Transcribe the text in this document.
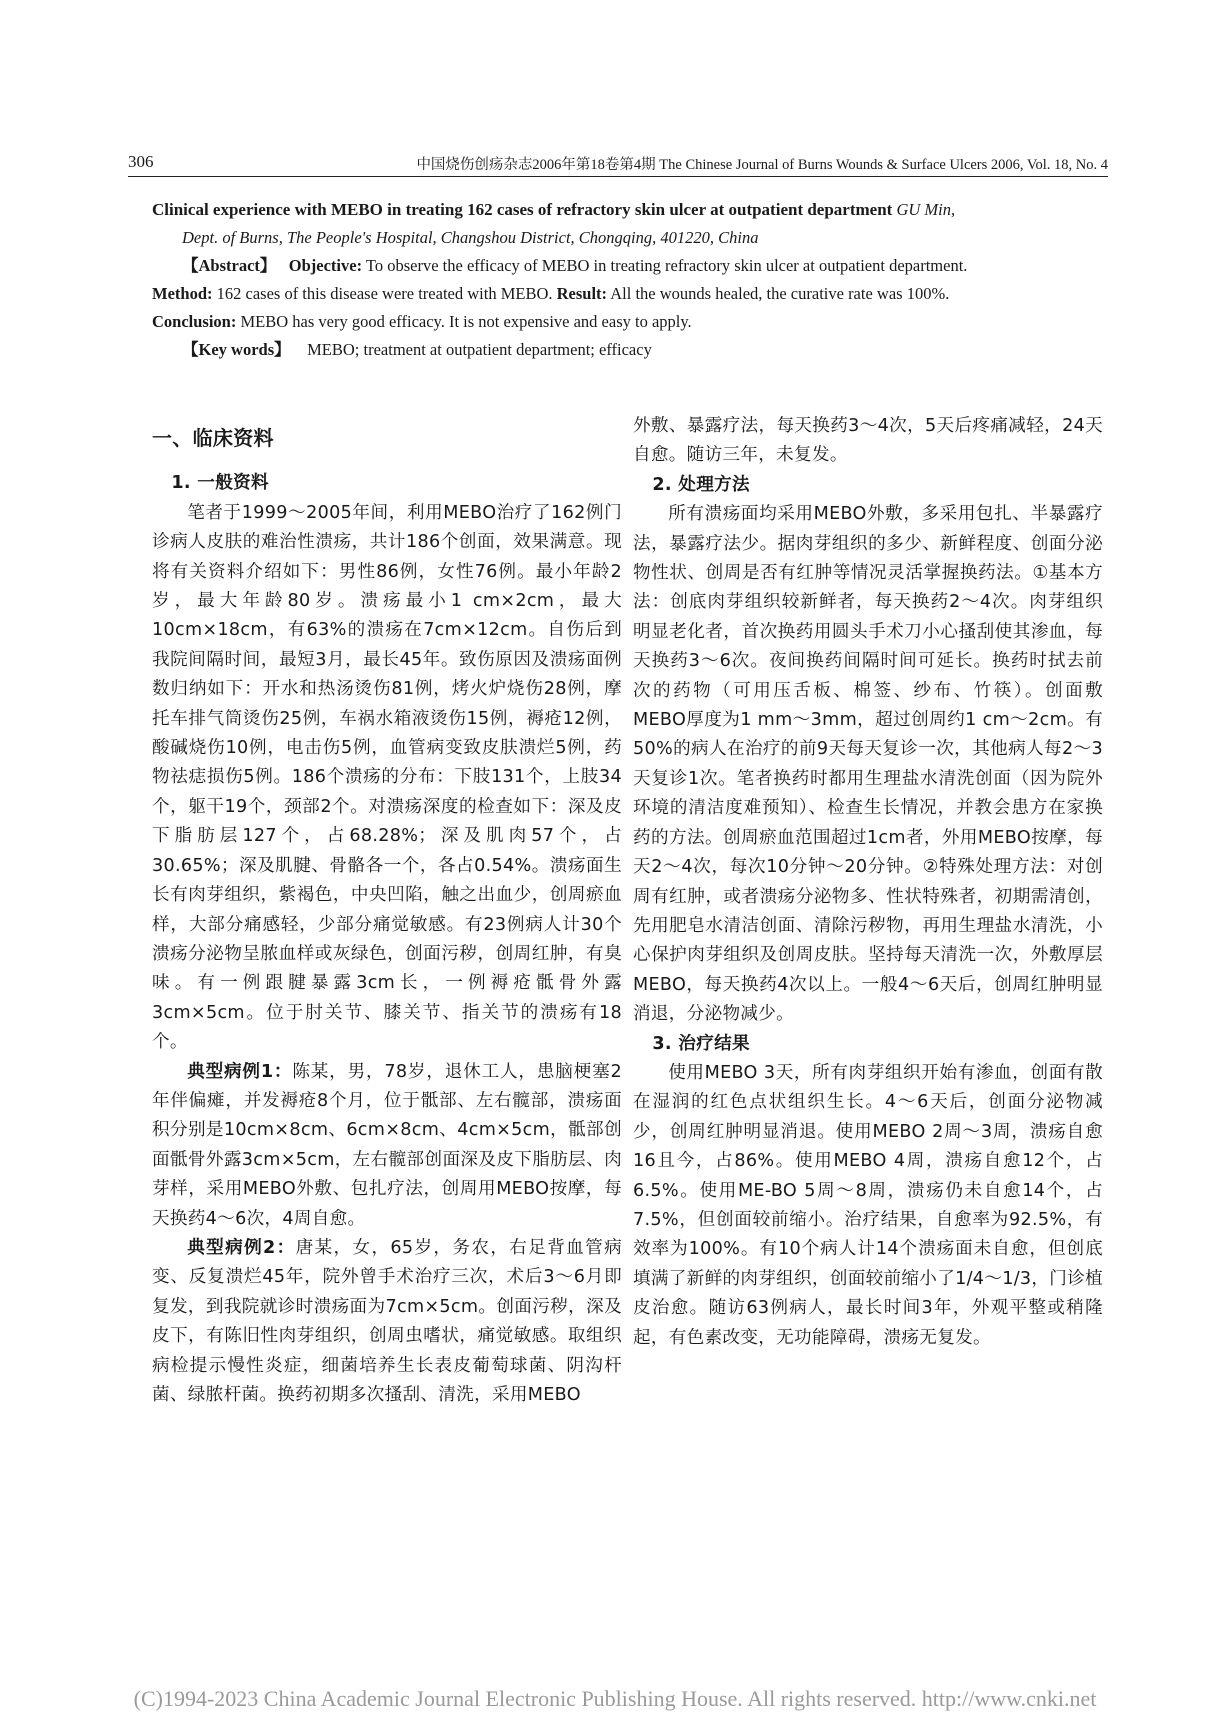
306	中国烧伤创疡杂志2006年第18卷第4期 The Chinese Journal of Burns Wounds & Surface Ulcers 2006, Vol. 18, No. 4

Clinical experience with MEBO in treating 162 cases of refractory skin ulcer at outpatient department GU Min,

Dept. of Burns, The People's Hospital, Changshou District, Chongqing, 401220, China

【Abstract】 Objective: To observe the efficacy of MEBO in treating refractory skin ulcer at outpatient department.

Method: 162 cases of this disease were treated with MEBO. Result: All the wounds healed, the curative rate was 100%.

Conclusion: MEBO has very good efficacy. It is not expensive and easy to apply.

【Key words】 MEBO; treatment at outpatient department; efficacy

一、临床资料

1. 一般资料

笔者于1999～2005年间，利用MEBO治疗了162例门诊病人皮肤的难治性溃疡，共计186个创面，效果满意。现将有关资料介绍如下：男性86例，女性76例。最小年龄2岁，最大年龄80岁。溃疡最小1 cm×2cm，最大10cm×18cm，有63%的溃疡在7cm×12cm。自伤后到我院间隔时间，最短3月，最长45年。致伤原因及溃疡面例数归纳如下：开水和热汤烫伤81例，烤火炉烧伤28例，摩托车排气筒烫伤25例，车祸水箱液烫伤15例，褥疮12例，酸碱烧伤10例，电击伤5例，血管病变致皮肤溃烂5例，药物祛痣损伤5例。186个溃疡的分布：下肢131个，上肢34个，躯干19个，颈部2个。对溃疡深度的检查如下：深及皮下脂肪层127个，占68.28%；深及肌肉57个，占30.65%；深及肌腱、骨骼各一个，各占0.54%。溃疡面生长有肉芽组织，紫褐色，中央凹陷，触之出血少，创周瘀血样，大部分痛感轻，少部分痛觉敏感。有23例病人计30个溃疡分泌物呈脓血样或灰绿色，创面污秽，创周红肿，有臭味。有一例跟腱暴露3cm长，一例褥疮骶骨外露3cm×5cm。位于肘关节、膝关节、指关节的溃疡有18个。

典型病例1：陈某，男，78岁，退休工人，患脑梗塞2年伴偏瘫，并发褥疮8个月，位于骶部、左右髋部，溃疡面积分别是10cm×8cm、6cm×8cm、4cm×5cm，骶部创面骶骨外露3cm×5cm，左右髋部创面深及皮下脂肪层、肉芽样，采用MEBO外敷、包扎疗法，创周用MEBO按摩，每天换药4～6次，4周自愈。

典型病例2：唐某，女，65岁，务农，右足背血管病变、反复溃烂45年，院外曾手术治疗三次，术后3～6月即复发，到我院就诊时溃疡面为7cm×5cm。创面污秽，深及皮下，有陈旧性肉芽组织，创周虫嗜状，痛觉敏感。取组织病检提示慢性炎症，细菌培养生长表皮葡萄球菌、阴沟杆菌、绿脓杆菌。换药初期多次搔刮、清洗，采用MEBO

外敷、暴露疗法，每天换药3～4次，5天后疼痛减轻，24天自愈。随访三年，未复发。

2. 处理方法

所有溃疡面均采用MEBO外敷，多采用包扎、半暴露疗法，暴露疗法少。据肉芽组织的多少、新鲜程度、创面分泌物性状、创周是否有红肿等情况灵活掌握换药法。①基本方法：创底肉芽组织较新鲜者，每天换药2～4次。肉芽组织明显老化者，首次换药用圆头手术刀小心搔刮使其渗血，每天换药3～6次。夜间换药间隔时间可延长。换药时拭去前次的药物（可用压舌板、棉签、纱布、竹筷）。创面敷MEBO厚度为1 mm～3mm，超过创周约1 cm～2cm。有50%的病人在治疗的前9天每天复诊一次，其他病人每2～3天复诊1次。笔者换药时都用生理盐水清洗创面（因为院外环境的清洁度难预知）、检查生长情况，并教会患方在家换药的方法。创周瘀血范围超过1cm者，外用MEBO按摩，每天2～4次，每次10分钟～20分钟。②特殊处理方法：对创周有红肿，或者溃疡分泌物多、性状特殊者，初期需清创，先用肥皂水清洁创面、清除污秽物，再用生理盐水清洗，小心保护肉芽组织及创周皮肤。坚持每天清洗一次，外敷厚层MEBO，每天换药4次以上。一般4～6天后，创周红肿明显消退，分泌物减少。

3. 治疗结果

使用MEBO 3天，所有肉芽组织开始有渗血，创面有散在湿润的红色点状组织生长。4～6天后，创面分泌物减少，创周红肿明显消退。使用MEBO 2周～3周，溃疡自愈16且今，占86%。使用MEBO 4周，溃疡自愈12个，占6.5%。使用ME-BO 5周～8周，溃疡仍未自愈14个，占7.5%，但创面较前缩小。治疗结果，自愈率为92.5%，有效率为100%。有10个病人计14个溃疡面未自愈，但创底填满了新鲜的肉芽组织，创面较前缩小了1/4～1/3，门诊植皮治愈。随访63例病人，最长时间3年，外观平整或稍隆起，有色素改变，无功能障碍，溃疡无复发。

(C)1994-2023 China Academic Journal Electronic Publishing House. All rights reserved. http://www.cnki.net
